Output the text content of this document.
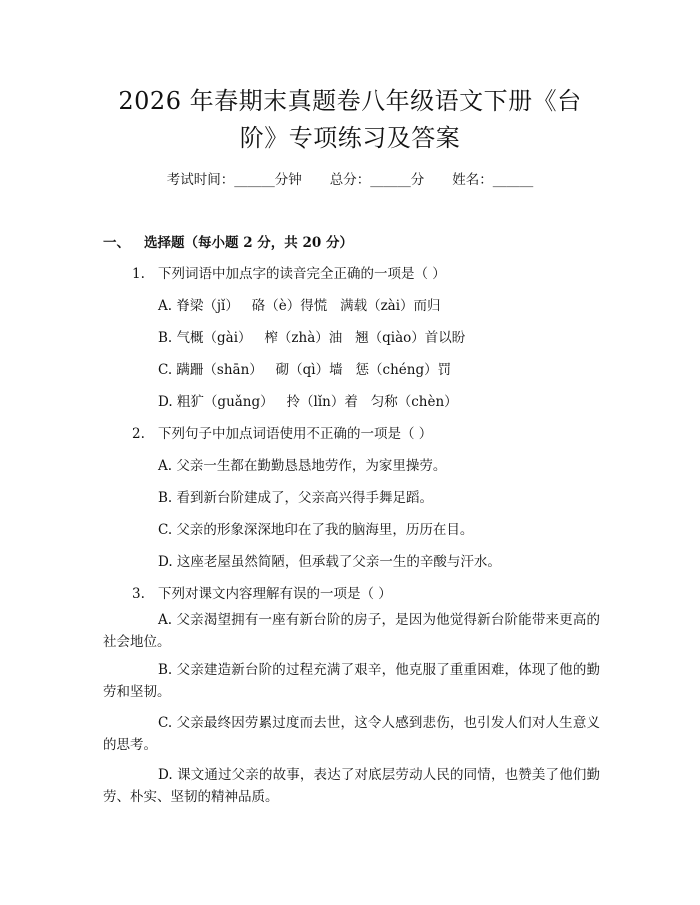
2026 年春期末真题卷八年级语文下册《台
阶》专项练习及答案
考试时间：______分钟 总分：______分 姓名：______
一、 选择题（每小题 2 分，共 20 分）
1. 下列词语中加点字的读音完全正确的一项是（ ）
A. 脊梁（jǐ）   硌（è）得慌   满载（zài）而归
B. 气概（gài）   榨（zhà）油   翘（qiào）首以盼
C. 蹒跚（shān）   砌（qì）墙   惩（chéng）罚
D. 粗犷（guǎng）   拎（lǐn）着   匀称（chèn）
2. 下列句子中加点词语使用不正确的一项是（ ）
A. 父亲一生都在勤勤恳恳地劳作，为家里操劳。
B. 看到新台阶建成了，父亲高兴得手舞足蹈。
C. 父亲的形象深深地印在了我的脑海里，历历在目。
D. 这座老屋虽然简陋，但承载了父亲一生的辛酸与汗水。
3. 下列对课文内容理解有误的一项是（ ）
A. 父亲渴望拥有一座有新台阶的房子，是因为他觉得新台阶能带来更高的社会地位。
B. 父亲建造新台阶的过程充满了艰辛，他克服了重重困难，体现了他的勤劳和坚韧。
C. 父亲最终因劳累过度而去世，这令人感到悲伤，也引发人们对人生意义的思考。
D. 课文通过父亲的故事，表达了对底层劳动人民的同情，也赞美了他们勤劳、朴实、坚韧的精神品质。
